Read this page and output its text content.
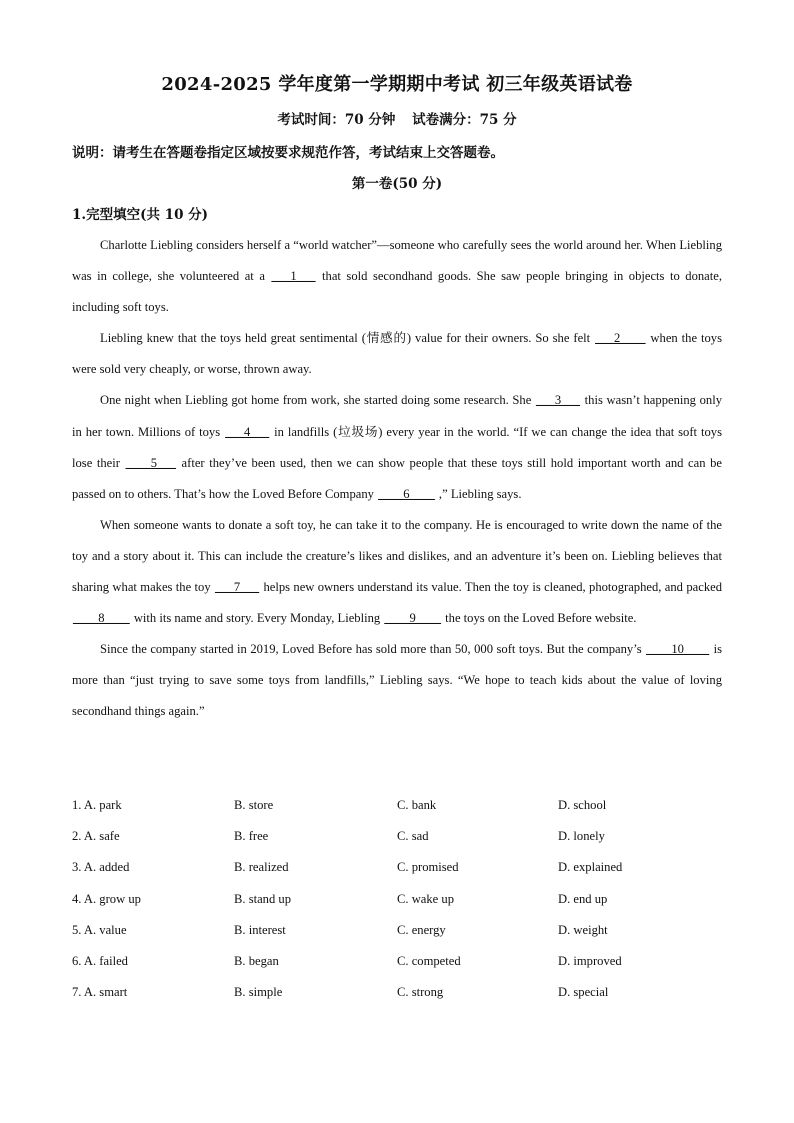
2024-2025 学年度第一学期期中考试 初三年级英语试卷
考试时间：70 分钟 试卷满分：75 分
说明：请考生在答题卷指定区域按要求规范作答，考试结束上交答题卷。
第一卷(50 分)
1.完型填空(共 10 分)

Charlotte Liebling considers herself a “world watcher”—someone who carefully sees the world around her. When Liebling was in college, she volunteered at a ___1___ that sold secondhand goods. She saw people bringing in objects to donate, including soft toys.

Liebling knew that the toys held great sentimental (情感的) value for their owners. So she felt ___2____ when the toys were sold very cheaply, or worse, thrown away.

One night when Liebling got home from work, she started doing some research. She ___3___ this wasn’t happening only in her town. Millions of toys ___4___ in landfills (垃圾场) every year in the world. “If we can change the idea that soft toys lose their ____5___ after they’ve been used, then we can show people that these toys still hold important worth and can be passed on to others. That’s how the Loved Before Company ____6____ ,” Liebling says.

When someone wants to donate a soft toy, he can take it to the company. He is encouraged to write down the name of the toy and a story about it. This can include the creature’s likes and dislikes, and an adventure it’s been on. Liebling believes that sharing what makes the toy ___7___ helps new owners understand its value. Then the toy is cleaned, photographed, and packed ____8____ with its name and story. Every Monday, Liebling ____9____ the toys on the Loved Before website.

Since the company started in 2019, Loved Before has sold more than 50, 000 soft toys. But the company’s ____10____ is more than “just trying to save some toys from landfills,” Liebling says. “We hope to teach kids about the value of loving secondhand things again.”

1. A. park	B. store	C. bank	D. school
2. A. safe	B. free	C. sad	D. lonely
3. A. added	B. realized	C. promised	D. explained
4. A. grow up	B. stand up	C. wake up	D. end up
5. A. value	B. interest	C. energy	D. weight
6. A. failed	B. began	C. competed	D. improved
7. A. smart	B. simple	C. strong	D. special
